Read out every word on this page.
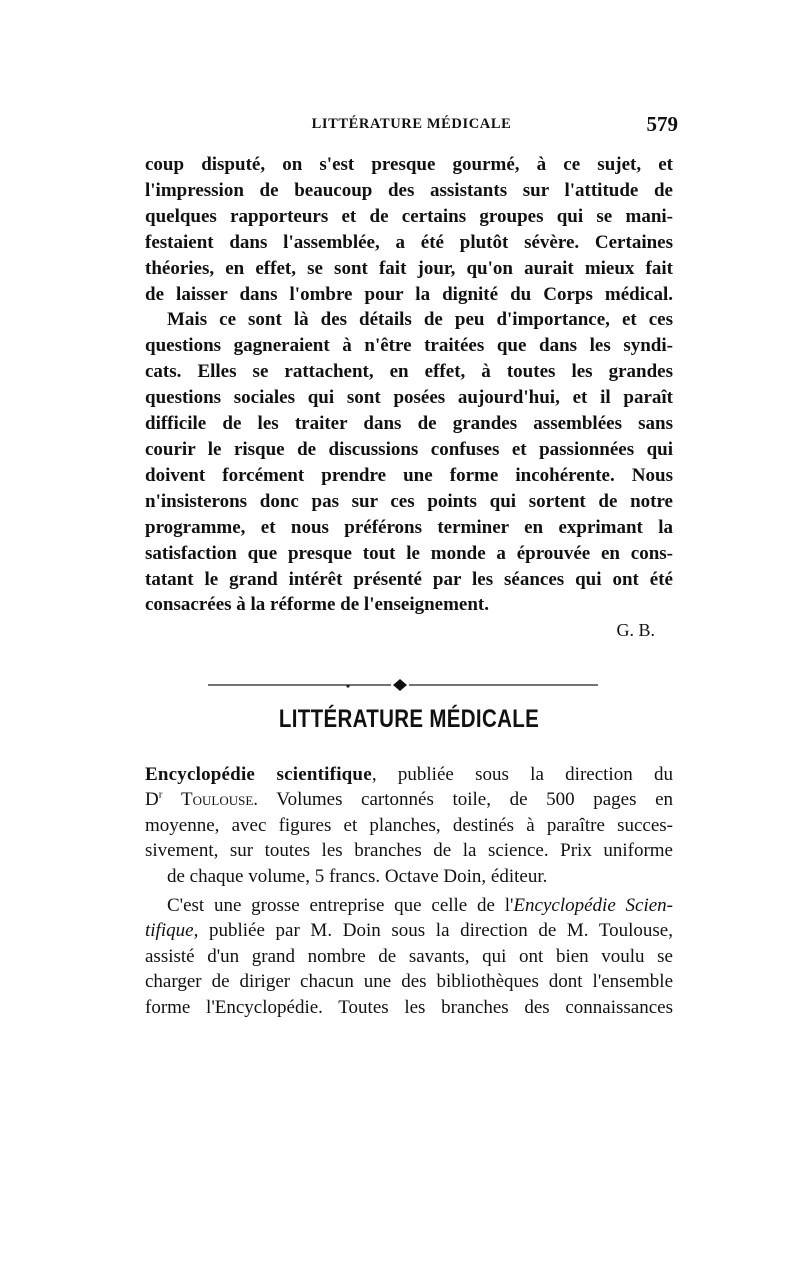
LITTÉRATURE MÉDICALE	579

coup disputé, on s'est presque gourmé, à ce sujet, et
l'impression de beaucoup des assistants sur l'attitude de
quelques rapporteurs et de certains groupes qui se mani-
festaient dans l'assemblée, a été plutôt sévère. Certaines
théories, en effet, se sont fait jour, qu'on aurait mieux fait
de laisser dans l'ombre pour la dignité du Corps médical.

Mais ce sont là des détails de peu d'importance, et ces
questions gagneraient à n'être traitées que dans les syndi-
cats. Elles se rattachent, en effet, à toutes les grandes
questions sociales qui sont posées aujourd'hui, et il paraît
difficile de les traiter dans de grandes assemblées sans
courir le risque de discussions confuses et passionnées qui
doivent forcément prendre une forme incohérente. Nous
n'insisterons donc pas sur ces points qui sortent de notre
programme, et nous préférons terminer en exprimant la
satisfaction que presque tout le monde a éprouvée en cons-
tatant le grand intérêt présenté par les séances qui ont été

consacrées à la réforme de l'enseignement.

G. B.

LITTÉRATURE MÉDICALE

Encyclopédie scientifique, publiée sous la direction du
$D^r$ Toulouse. Volumes cartonnés toile, de 500 pages en
moyenne, avec figures et planches, destinés à paraître succes-
sivement, sur toutes les branches de la science. Prix uniforme

de chaque volume, 5 francs. Octave Doin, éditeur.

C'est une grosse entreprise que celle de l'Encyclopédie Scien-
tifique, publiée par M. Doin sous la direction de M. Toulouse,
assisté d'un grand nombre de savants, qui ont bien voulu se
charger de diriger chacun une des bibliothèques dont l'ensemble
forme l'Encyclopédie. Toutes les branches des connaissances
